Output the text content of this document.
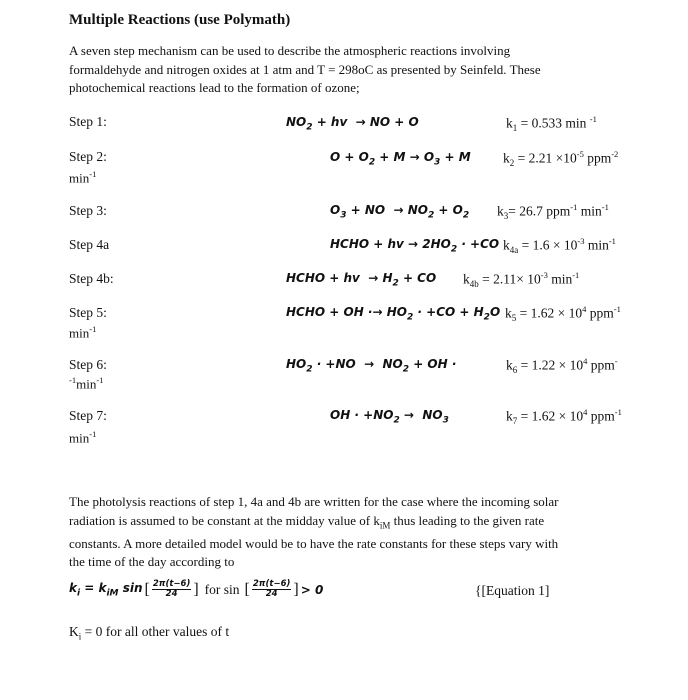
Multiple Reactions (use Polymath)
A seven step mechanism can be used to describe the atmospheric reactions involving
formaldehyde and nitrogen oxides at 1 atm and T = 298oC as presented by Seinfeld. These
photochemical reactions lead to the formation of ozone;
Step 1:
Step 2:
$\min^{-1}$
Step 3:
Step 4a
Step 4b:
Step 5:
$\min^{-1}$
Step 6:
$^{-1}\min^{-1}$
Step 7:
$\min^{-1}$
$NO_2$ + hv  → NO + O
$O + O_2 + M \to O_3 + M$
$O_3$ + NO  → $NO_2 + O_2$
HCHO + hv → $2HO_2 \cdot +CO$
HCHO + hv  → $H_2$ + CO
HCHO + OH ·→ $HO_2 \cdot +CO + H_2O$
$HO_2 \cdot +NO \to NO_2$ + OH ·
OH · $+NO_2 \to NO_3$
$k_1 = 0.533$ min $^{-1}$
$k_2 = 2.21 \times 10^{-5}$ ppm$^{-2}$
$k_3= 26.7$ ppm$^{-1}$ $\min^{-1}$
$k_{4a} = 1.6 \times 10^{-3}$ $\min^{-1}$
$k_{4b} = 2.11\times 10^{-3}$ $\min^{-1}$
$k_5 = 1.62 \times 10^4$ ppm$^{-1}$
$k_6 = 1.22 \times 10^4$ ppm-
$k_7 = 1.62 \times 10^4$ ppm$^{-1}$
The photolysis reactions of step 1, 4a and 4b are written for the case where the incoming solar
radiation is assumed to be constant at the midday value of $k_{iM}$ thus leading to the given rate
constants. A more detailed model would be to have the rate constants for these steps vary with
the time of the day according to
$k_i = k_{iM}$ sin [ $\frac{2\pi(t-6)}{24}$ ] for sin [ $\frac{2\pi(t-6)}{24}$ ] > 0	{[Equation 1]
$K_i = 0$ for all other values of t
